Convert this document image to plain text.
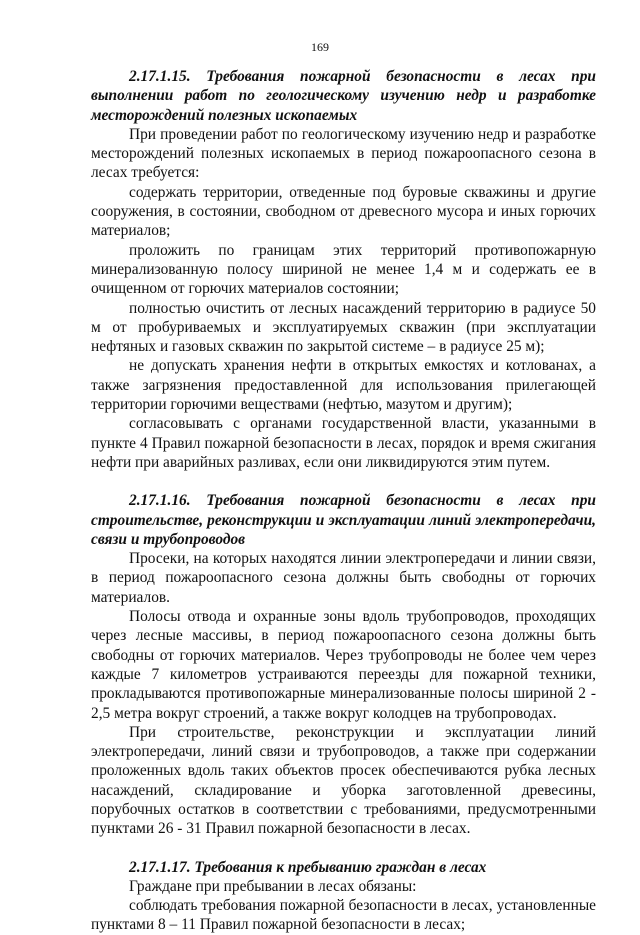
169

2.17.1.15. Требования пожарной безопасности в лесах при выполнении работ по геологическому изучению недр и разработке месторождений полезных ископаемых

При проведении работ по геологическому изучению недр и разработке месторождений полезных ископаемых в период пожароопасного сезона в лесах требуется:

содержать территории, отведенные под буровые скважины и другие сооружения, в состоянии, свободном от древесного мусора и иных горючих материалов;

проложить по границам этих территорий противопожарную минерализованную полосу шириной не менее 1,4 м и содержать ее в очищенном от горючих материалов состоянии;

полностью очистить от лесных насаждений территорию в радиусе 50 м от пробуриваемых и эксплуатируемых скважин (при эксплуатации нефтяных и газовых скважин по закрытой системе – в радиусе 25 м);

не допускать хранения нефти в открытых емкостях и котлованах, а также загрязнения предоставленной для использования прилегающей территории горючими веществами (нефтью, мазутом и другим);

согласовывать с органами государственной власти, указанными в пункте 4 Правил пожарной безопасности в лесах, порядок и время сжигания нефти при аварийных разливах, если они ликвидируются этим путем.

2.17.1.16. Требования пожарной безопасности в лесах при строительстве, реконструкции и эксплуатации линий электропередачи, связи и трубопроводов

Просеки, на которых находятся линии электропередачи и линии связи, в период пожароопасного сезона должны быть свободны от горючих материалов.

Полосы отвода и охранные зоны вдоль трубопроводов, проходящих через лесные массивы, в период пожароопасного сезона должны быть свободны от горючих материалов. Через трубопроводы не более чем через каждые 7 километров устраиваются переезды для пожарной техники, прокладываются противопожарные минерализованные полосы шириной 2 - 2,5 метра вокруг строений, а также вокруг колодцев на трубопроводах.

При строительстве, реконструкции и эксплуатации линий электропередачи, линий связи и трубопроводов, а также при содержании проложенных вдоль таких объектов просек обеспечиваются рубка лесных насаждений, складирование и уборка заготовленной древесины, порубочных остатков в соответствии с требованиями, предусмотренными пунктами 26 - 31 Правил пожарной безопасности в лесах.

2.17.1.17. Требования к пребыванию граждан в лесах

Граждане при пребывании в лесах обязаны:

соблюдать требования пожарной безопасности в лесах, установленные пунктами 8 – 11 Правил пожарной безопасности в лесах;
